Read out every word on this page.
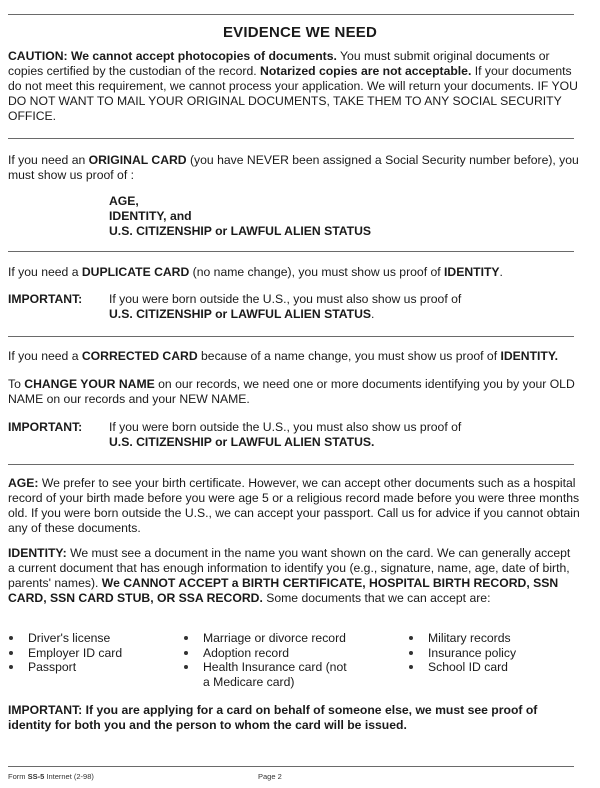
EVIDENCE WE NEED
CAUTION: We cannot accept photocopies of documents. You must submit original documents or copies certified by the custodian of the record. Notarized copies are not acceptable. If your documents do not meet this requirement, we cannot process your application. We will return your documents. IF YOU DO NOT WANT TO MAIL YOUR ORIGINAL DOCUMENTS, TAKE THEM TO ANY SOCIAL SECURITY OFFICE.
If you need an ORIGINAL CARD (you have NEVER been assigned a Social Security number before), you must show us proof of :
AGE,
IDENTITY, and
U.S. CITIZENSHIP or LAWFUL ALIEN STATUS
If you need a DUPLICATE CARD (no name change), you must show us proof of IDENTITY.
IMPORTANT: If you were born outside the U.S., you must also show us proof of
U.S. CITIZENSHIP or LAWFUL ALIEN STATUS.
If you need a CORRECTED CARD because of a name change, you must show us proof of IDENTITY.
To CHANGE YOUR NAME on our records, we need one or more documents identifying you by your OLD NAME on our records and your NEW NAME.
IMPORTANT: If you were born outside the U.S., you must also show us proof of
U.S. CITIZENSHIP or LAWFUL ALIEN STATUS.
AGE: We prefer to see your birth certificate. However, we can accept other documents such as a hospital record of your birth made before you were age 5 or a religious record made before you were three months old. If you were born outside the U.S., we can accept your passport. Call us for advice if you cannot obtain any of these documents.
IDENTITY: We must see a document in the name you want shown on the card. We can generally accept a current document that has enough information to identify you (e.g., signature, name, age, date of birth, parents' names). We CANNOT ACCEPT a BIRTH CERTIFICATE, HOSPITAL BIRTH RECORD, SSN CARD, SSN CARD STUB, OR SSA RECORD. Some documents that we can accept are:
Driver's license
Employer ID card
Passport
Marriage or divorce record
Adoption record
Health Insurance card (not a Medicare card)
Military records
Insurance policy
School ID card
IMPORTANT: If you are applying for a card on behalf of someone else, we must see proof of identity for both you and the person to whom the card will be issued.
Form SS-5 Internet (2-98)	Page 2
